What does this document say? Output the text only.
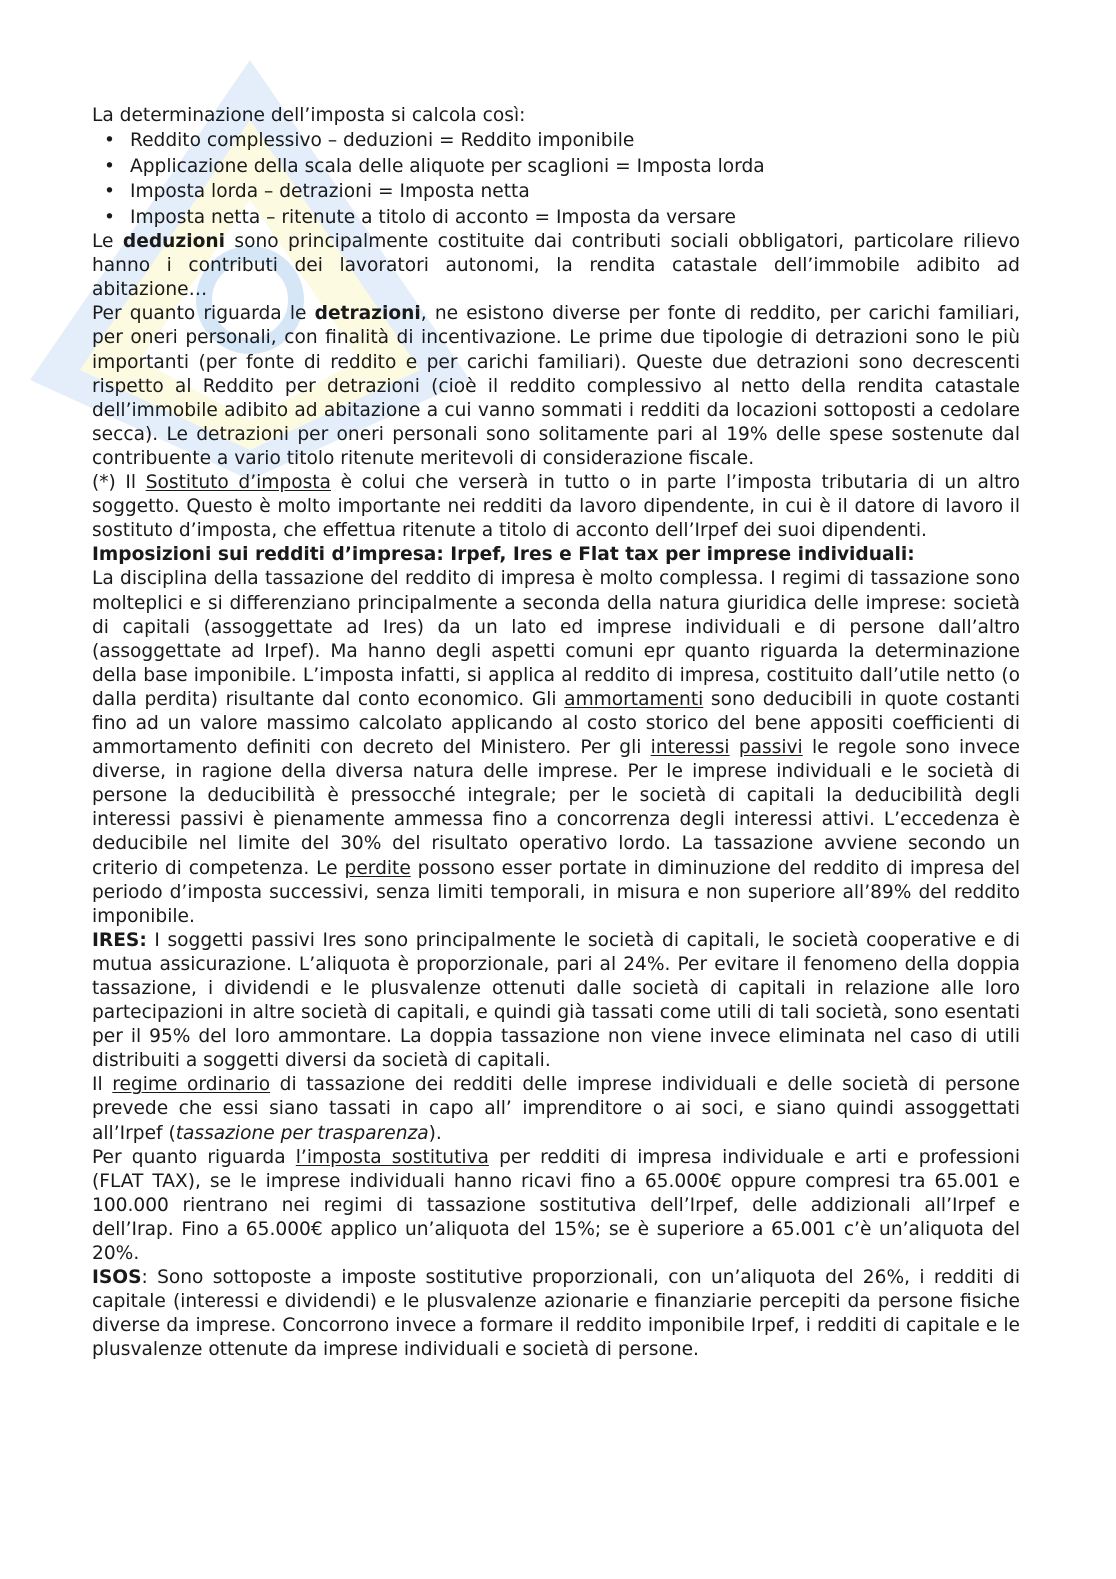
La determinazione dell’imposta si calcola così:

• Reddito complessivo – deduzioni = Reddito imponibile
• Applicazione della scala delle aliquote per scaglioni = Imposta lorda
• Imposta lorda – detrazioni = Imposta netta
• Imposta netta – ritenute a titolo di acconto = Imposta da versare

Le deduzioni sono principalmente costituite dai contributi sociali obbligatori, particolare rilievo hanno i contributi dei lavoratori autonomi, la rendita catastale dell’immobile adibito ad abitazione…

Per quanto riguarda le detrazioni, ne esistono diverse per fonte di reddito, per carichi familiari, per oneri personali, con finalità di incentivazione. Le prime due tipologie di detrazioni sono le più importanti (per fonte di reddito e per carichi familiari). Queste due detrazioni sono decrescenti rispetto al Reddito per detrazioni (cioè il reddito complessivo al netto della rendita catastale dell’immobile adibito ad abitazione a cui vanno sommati i redditi da locazioni sottoposti a cedolare secca). Le detrazioni per oneri personali sono solitamente pari al 19% delle spese sostenute dal contribuente a vario titolo ritenute meritevoli di considerazione fiscale.

(*) Il Sostituto d’imposta è colui che verserà in tutto o in parte l’imposta tributaria di un altro soggetto. Questo è molto importante nei redditi da lavoro dipendente, in cui è il datore di lavoro il sostituto d’imposta, che effettua ritenute a titolo di acconto dell’Irpef dei suoi dipendenti.

Imposizioni sui redditi d’impresa: Irpef, Ires e Flat tax per imprese individuali:

La disciplina della tassazione del reddito di impresa è molto complessa. I regimi di tassazione sono molteplici e si differenziano principalmente a seconda della natura giuridica delle imprese: società di capitali (assoggettate ad Ires) da un lato ed imprese individuali e di persone dall’altro (assoggettate ad Irpef). Ma hanno degli aspetti comuni epr quanto riguarda la determinazione della base imponibile. L’imposta infatti, si applica al reddito di impresa, costituito dall’utile netto (o dalla perdita) risultante dal conto economico. Gli ammortamenti sono deducibili in quote costanti fino ad un valore massimo calcolato applicando al costo storico del bene appositi coefficienti di ammortamento definiti con decreto del Ministero. Per gli interessi passivi le regole sono invece diverse, in ragione della diversa natura delle imprese. Per le imprese individuali e le società di persone la deducibilità è pressocché integrale; per le società di capitali la deducibilità degli interessi passivi è pienamente ammessa fino a concorrenza degli interessi attivi. L’eccedenza è deducibile nel limite del 30% del risultato operativo lordo. La tassazione avviene secondo un criterio di competenza. Le perdite possono esser portate in diminuzione del reddito di impresa del periodo d’imposta successivi, senza limiti temporali, in misura e non superiore all’89% del reddito imponibile.

IRES: I soggetti passivi Ires sono principalmente le società di capitali, le società cooperative e di mutua assicurazione. L’aliquota è proporzionale, pari al 24%. Per evitare il fenomeno della doppia tassazione, i dividendi e le plusvalenze ottenuti dalle società di capitali in relazione alle loro partecipazioni in altre società di capitali, e quindi già tassati come utili di tali società, sono esentati per il 95% del loro ammontare. La doppia tassazione non viene invece eliminata nel caso di utili distribuiti a soggetti diversi da società di capitali.

Il regime ordinario di tassazione dei redditi delle imprese individuali e delle società di persone prevede che essi siano tassati in capo all’ imprenditore o ai soci, e siano quindi assoggettati all’Irpef (tassazione per trasparenza).

Per quanto riguarda l’imposta sostitutiva per redditi di impresa individuale e arti e professioni (FLAT TAX), se le imprese individuali hanno ricavi fino a 65.000€ oppure compresi tra 65.001 e 100.000 rientrano nei regimi di tassazione sostitutiva dell’Irpef, delle addizionali all’Irpef e dell’Irap. Fino a 65.000€ applico un’aliquota del 15%; se è superiore a 65.001 c’è un’aliquota del 20%.

ISOS: Sono sottoposte a imposte sostitutive proporzionali, con un’aliquota del 26%, i redditi di capitale (interessi e dividendi) e le plusvalenze azionarie e finanziarie percepiti da persone fisiche diverse da imprese. Concorrono invece a formare il reddito imponibile Irpef, i redditi di capitale e le plusvalenze ottenute da imprese individuali e società di persone.
